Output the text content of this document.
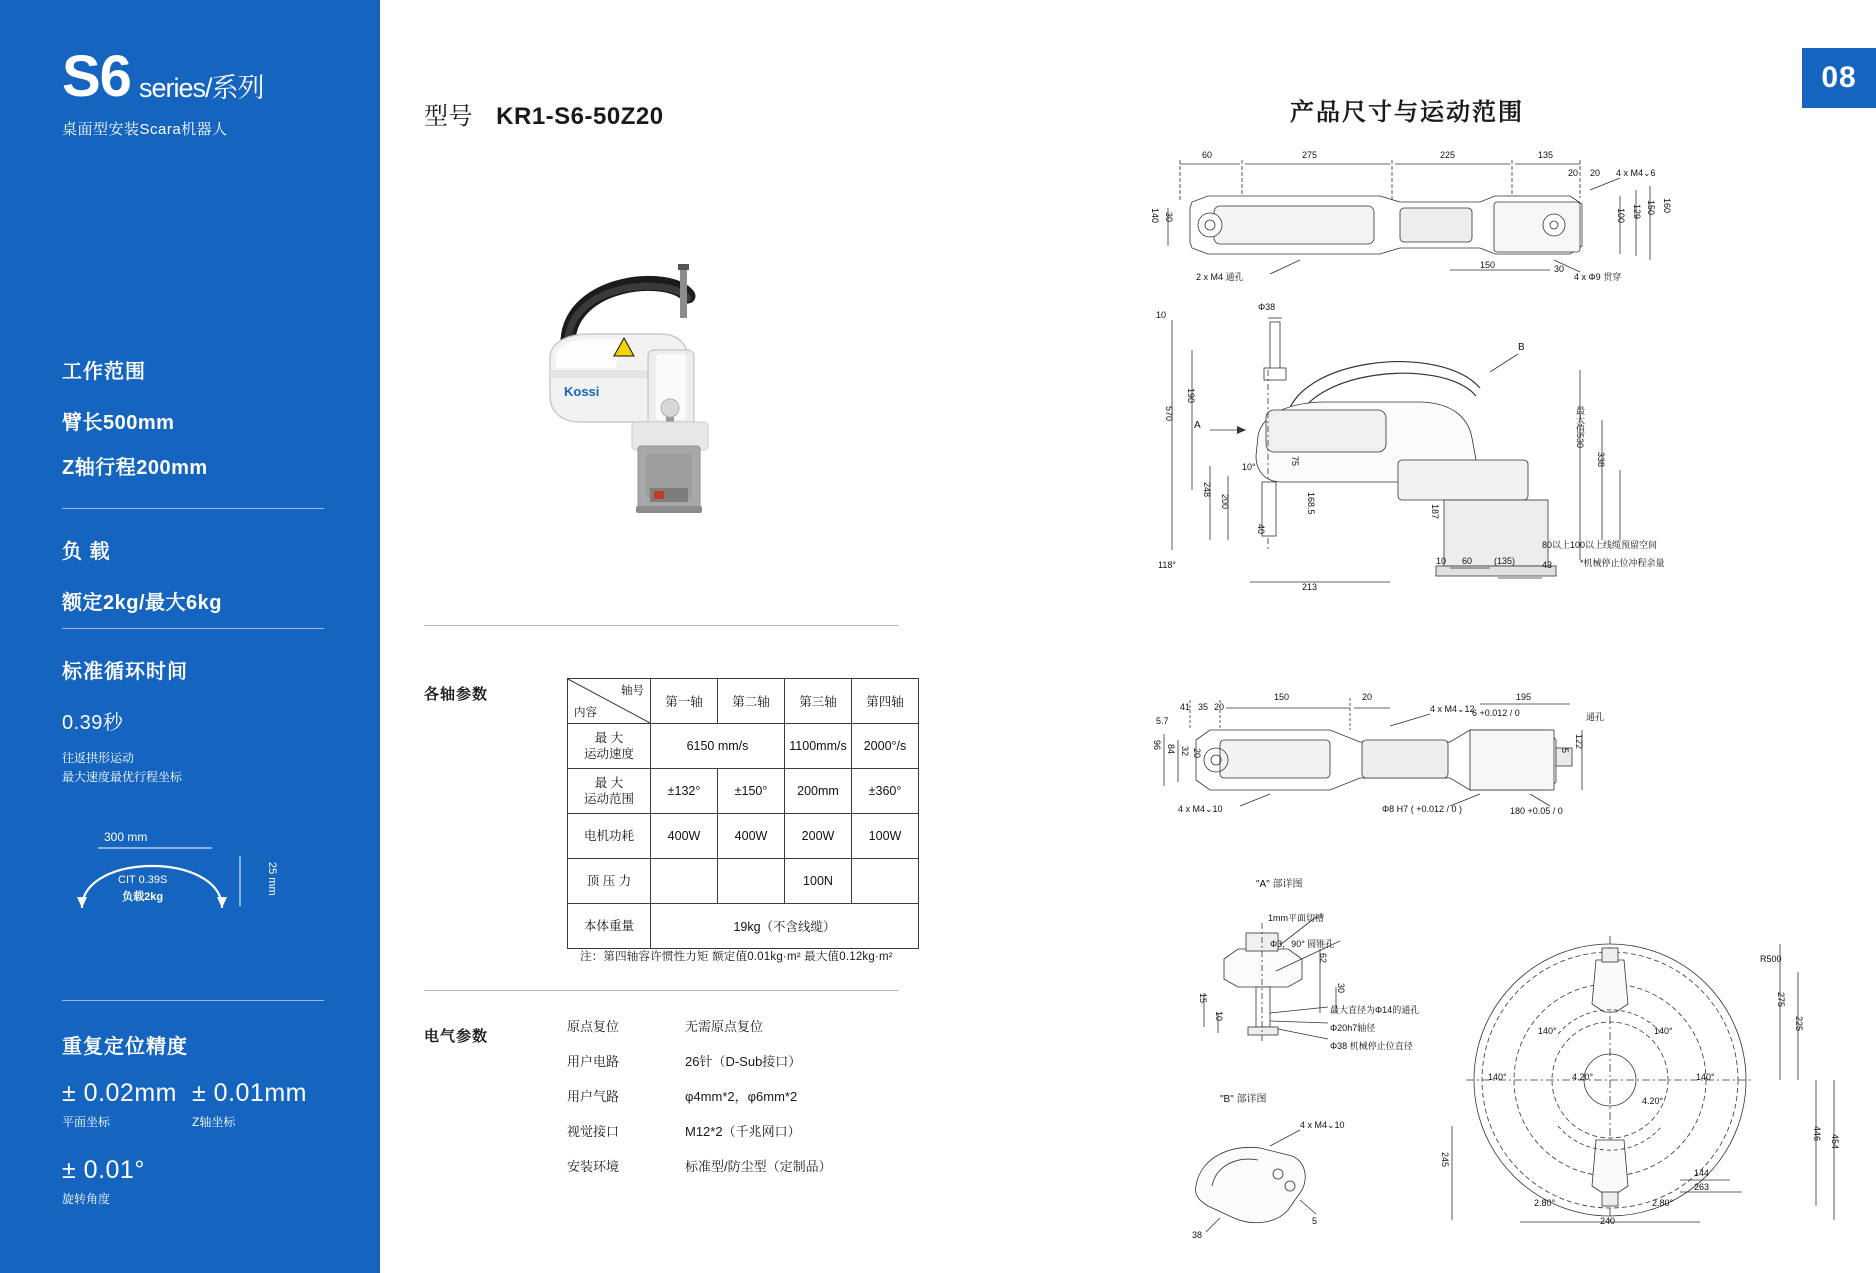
S6 series/系列
桌面型安装Scara机器人
工作范围
臂长500mm
Z轴行程200mm
负 载
额定2kg/最大6kg
标准循环时间
0.39秒
往返拱形运动
最大速度最优行程坐标
300 mm
25 mm
CIT 0.39S
负载2kg
重复定位精度
± 0.02mm
平面坐标
± 0.01mm
Z轴坐标
± 0.01°
旋转角度
08
型号 KR1-S6-50Z20	产品尺寸与运动范围
Kossi
各轴参数	轴号
内容	第一轴	第二轴	第三轴	第四轴

最 大
运动速度	6150 mm/s		1100mm/s	2000°/s

最 大
运动范围	±132°	±150°	200mm	±360°
电机功耗	400W	400W	200W	100W
顶 压 力			100N	
本体重量	19kg（不含线缆）			
注：第四轴容许惯性力矩 额定值0.01kg·m² 最大值0.12kg·m²
电气参数
原点复位	无需原点复位
用户电路	26针（D-Sub接口）
用户气路	φ4mm*2，φ6mm*2
视觉接口	M12*2（千兆网口）
安装环境	标准型/防尘型（定制品）
60	275	225	135
20 20
140 30	100 129 150 160
150	30
4 x M4⌄6
2 x M4 通孔	4 x Φ9 贯穿
10
Φ38
190
570
248
200
10°
75
168.5
40
187
338
213
118°	10 60 (135)	43
80以上
最大值530
100以上线缆预留空间
*机械停止位冲程余量
A
B
41 35 20
150	20	195
122
5
96 84 32 20
5.7
180 +0.05 / 0
6 +0.012 / 0
4 x M4⌄12
4 x M4⌄10	Φ8 H7 ( +0.012 / 0 )
通孔
"A" 部详图
1mm平面切槽
Φ3，90° 圆锥孔
最大直径为Φ14的通孔
Φ20h7轴径
Φ38 机械停止位直径
62
30
15
10
"B" 部详图
4 x M4⌄10
38
5
R500
275
225
446
454
245
240
144
263
140°	140°
140°	140°
4.20°
4.20°
2.80°	2.80°
